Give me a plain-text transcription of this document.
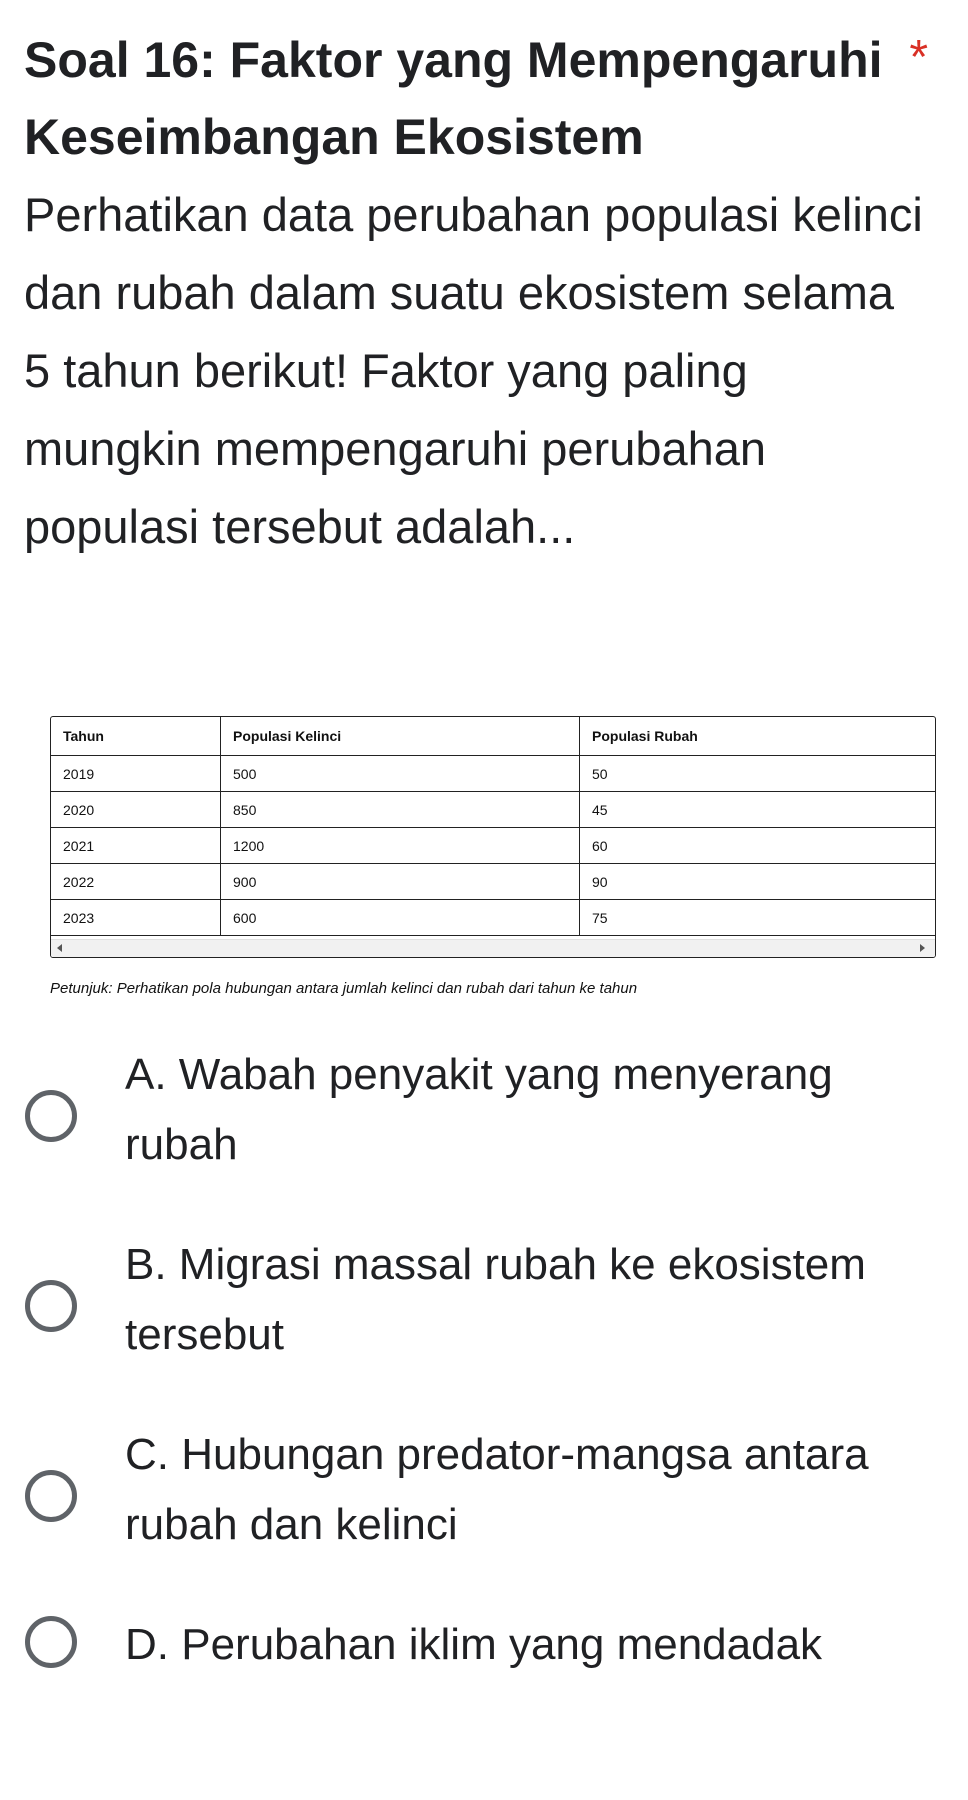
Soal 16: Faktor yang Mempengaruhi Keseimbangan Ekosistem
*
Perhatikan data perubahan populasi kelinci dan rubah dalam suatu ekosistem selama 5 tahun berikut! Faktor yang paling mungkin mempengaruhi perubahan populasi tersebut adalah...
Tahun	Populasi Kelinci	Populasi Rubah
2019	500	50
2020	850	45
2021	1200	60
2022	900	90
2023	600	75
Petunjuk: Perhatikan pola hubungan antara jumlah kelinci dan rubah dari tahun ke tahun
A. Wabah penyakit yang menyerang rubah
B. Migrasi massal rubah ke ekosistem tersebut
C. Hubungan predator-mangsa antara rubah dan kelinci
D. Perubahan iklim yang mendadak
